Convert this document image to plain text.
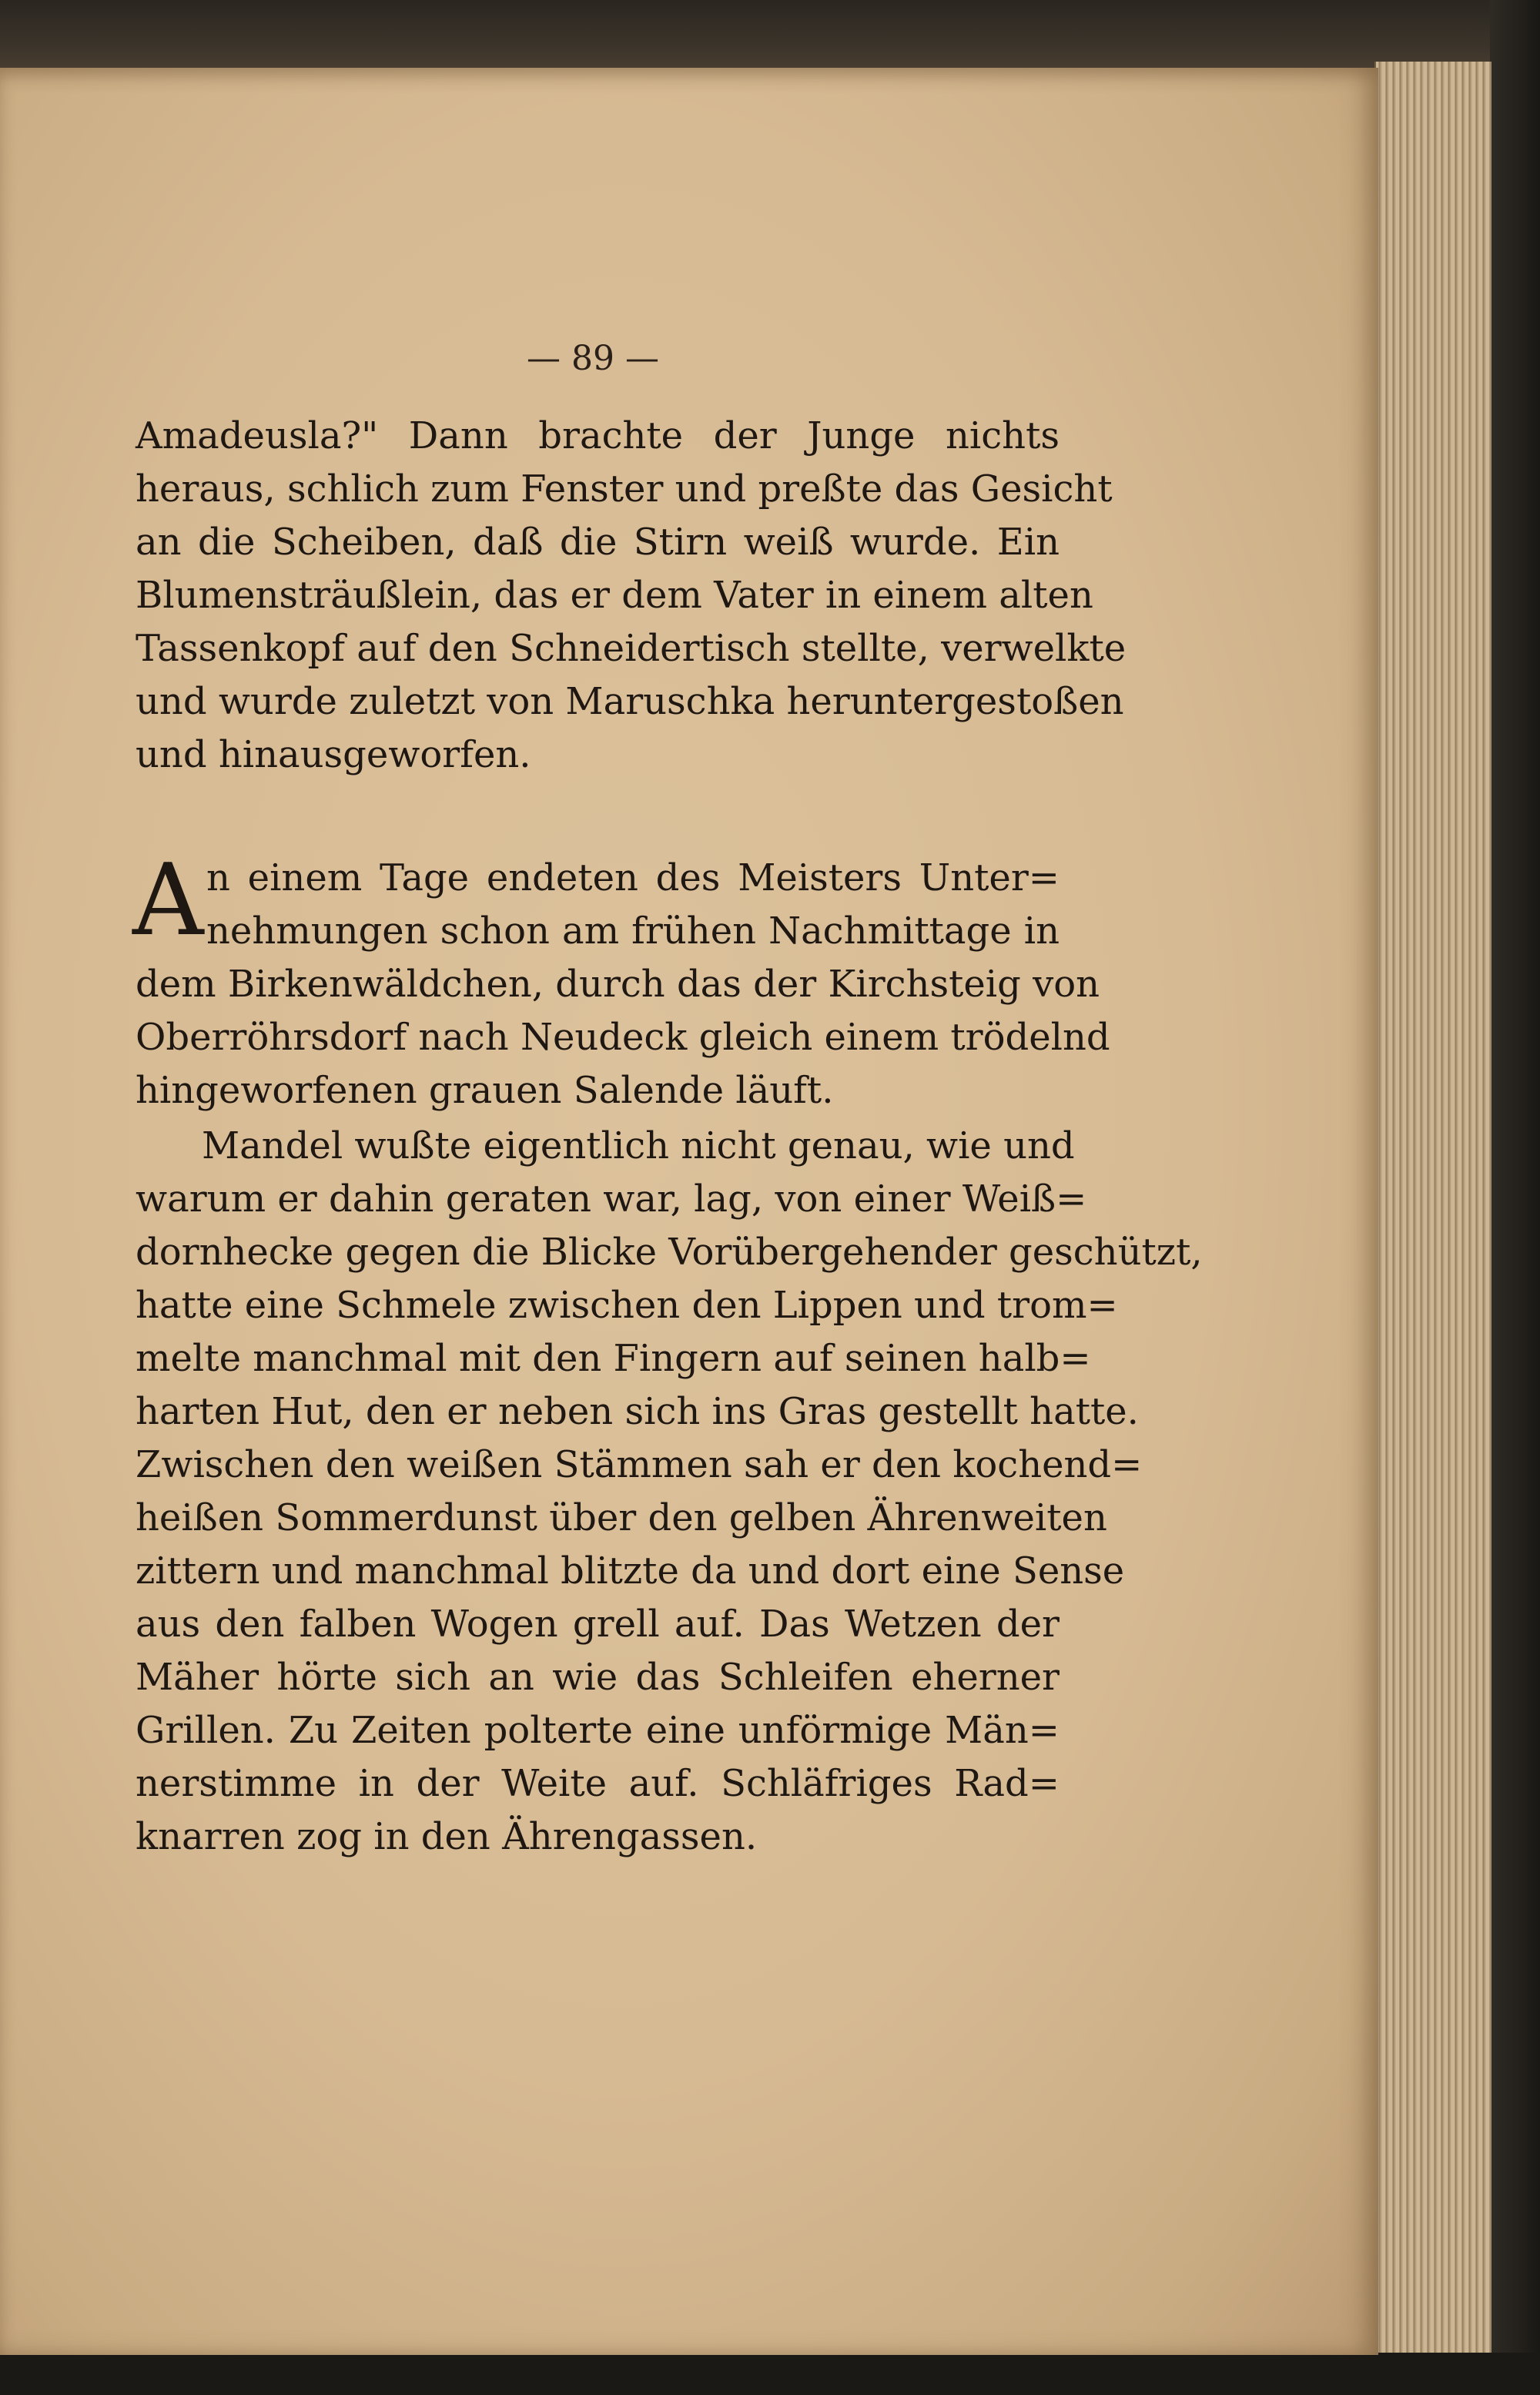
— 89 —
Amadeusla?" Dann brachte der Junge nichts
heraus, schlich zum Fenster und preßte das Gesicht
an die Scheiben, daß die Stirn weiß wurde. Ein
Blumensträußlein, das er dem Vater in einem alten
Tassenkopf auf den Schneidertisch stellte, verwelkte
und wurde zuletzt von Maruschka heruntergestoßen
und hinausgeworfen.
A n einem Tage endeten des Meisters Unter=
nehmungen schon am frühen Nachmittage in
dem Birkenwäldchen, durch das der Kirchsteig von
Oberröhrsdorf nach Neudeck gleich einem trödelnd
hingeworfenen grauen Salende läuft.
Mandel wußte eigentlich nicht genau, wie und
warum er dahin geraten war, lag, von einer Weiß=
dornhecke gegen die Blicke Vorübergehender geschützt,
hatte eine Schmele zwischen den Lippen und trom=
melte manchmal mit den Fingern auf seinen halb=
harten Hut, den er neben sich ins Gras gestellt hatte.
Zwischen den weißen Stämmen sah er den kochend=
heißen Sommerdunst über den gelben Ährenweiten
zittern und manchmal blitzte da und dort eine Sense
aus den falben Wogen grell auf. Das Wetzen der
Mäher hörte sich an wie das Schleifen eherner
Grillen. Zu Zeiten polterte eine unförmige Män=
nerstimme in der Weite auf. Schläfriges Rad=
knarren zog in den Ährengassen.
